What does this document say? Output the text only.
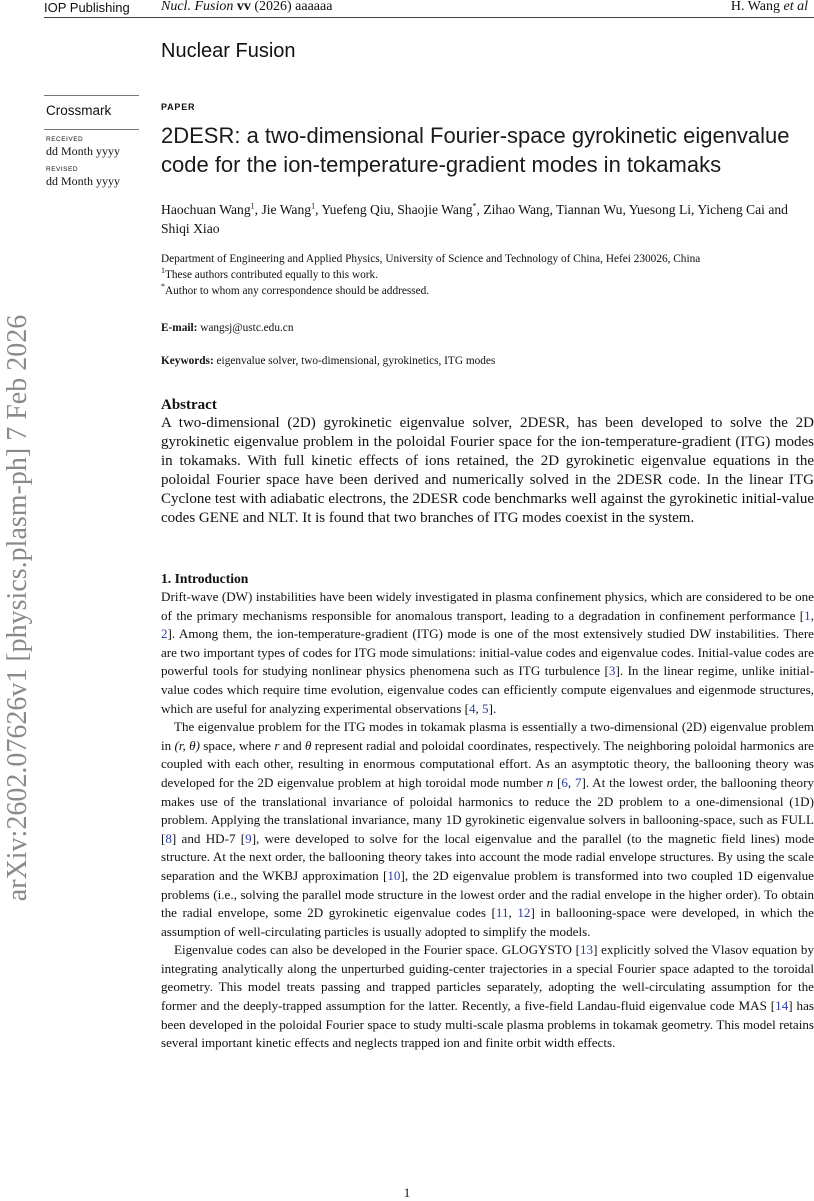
IOP Publishing Nucl. Fusion vv (2026) aaaaaa	H. Wang et al
Nuclear Fusion
Crossmark
RECEIVED
dd Month yyyy
REVISED
dd Month yyyy
arXiv:2602.07626v1 [physics.plasm-ph] 7 Feb 2026
PAPER
2DESR: a two-dimensional Fourier-space gyrokinetic eigenvalue code for the ion-temperature-gradient modes in tokamaks
Haochuan Wang$^1$, Jie Wang$^1$, Yuefeng Qiu, Shaojie Wang*, Zihao Wang, Tiannan Wu, Yuesong Li, Yicheng Cai and Shiqi Xiao
Department of Engineering and Applied Physics, University of Science and Technology of China, Hefei 230026, China
$^1$These authors contributed equally to this work.
*Author to whom any correspondence should be addressed.
E-mail: wangsj@ustc.edu.cn
Keywords: eigenvalue solver, two-dimensional, gyrokinetics, ITG modes
Abstract

A two-dimensional (2D) gyrokinetic eigenvalue solver, 2DESR, has been developed to solve the 2D gyrokinetic eigenvalue problem in the poloidal Fourier space for the ion-temperature-gradient (ITG) modes in tokamaks. With full kinetic effects of ions retained, the 2D gyrokinetic eigenvalue equations in the poloidal Fourier space have been derived and numerically solved in the 2DESR code. In the linear ITG Cyclone test with adiabatic electrons, the 2DESR code benchmarks well against the gyrokinetic initial-value codes GENE and NLT. It is found that two branches of ITG modes coexist in the system.

1. Introduction

Drift-wave (DW) instabilities have been widely investigated in plasma confinement physics, which are considered to be one of the primary mechanisms responsible for anomalous transport, leading to a degradation in confinement performance [1, 2]. Among them, the ion-temperature-gradient (ITG) mode is one of the most extensively studied DW instabilities. There are two important types of codes for ITG mode simulations: initial-value codes and eigenvalue codes. Initial-value codes are powerful tools for studying nonlinear physics phenomena such as ITG turbulence [3]. In the linear regime, unlike initial-value codes which require time evolution, eigenvalue codes can efficiently compute eigenvalues and eigenmode structures, which are useful for analyzing experimental observations [4, 5].

The eigenvalue problem for the ITG modes in tokamak plasma is essentially a two-dimensional (2D) eigenvalue problem in (r, θ) space, where r and θ represent radial and poloidal coordinates, respectively. The neighboring poloidal harmonics are coupled with each other, resulting in enormous computational effort. As an asymptotic theory, the ballooning theory was developed for the 2D eigenvalue problem at high toroidal mode number n [6, 7]. At the lowest order, the ballooning theory makes use of the translational invariance of poloidal harmonics to reduce the 2D problem to a one-dimensional (1D) problem. Applying the translational invariance, many 1D gyrokinetic eigenvalue solvers in ballooning-space, such as FULL [8] and HD-7 [9], were developed to solve for the local eigenvalue and the parallel (to the magnetic field lines) mode structure. At the next order, the ballooning theory takes into account the mode radial envelope structures. By using the scale separation and the WKBJ approximation [10], the 2D eigenvalue problem is transformed into two coupled 1D eigenvalue problems (i.e., solving the parallel mode structure in the lowest order and the radial envelope in the higher order). To obtain the radial envelope, some 2D gyrokinetic eigenvalue codes [11, 12] in ballooning-space were developed, in which the assumption of well-circulating particles is usually adopted to simplify the models.

Eigenvalue codes can also be developed in the Fourier space. GLOGYSTO [13] explicitly solved the Vlasov equation by integrating analytically along the unperturbed guiding-center trajectories in a special Fourier space adapted to the toroidal geometry. This model treats passing and trapped particles separately, adopting the well-circulating assumption for the former and the deeply-trapped assumption for the latter. Recently, a five-field Landau-fluid eigenvalue code MAS [14] has been developed in the poloidal Fourier space to study multi-scale plasma problems in tokamak geometry. This model retains several important kinetic effects and neglects trapped ion and finite orbit width effects.

1
